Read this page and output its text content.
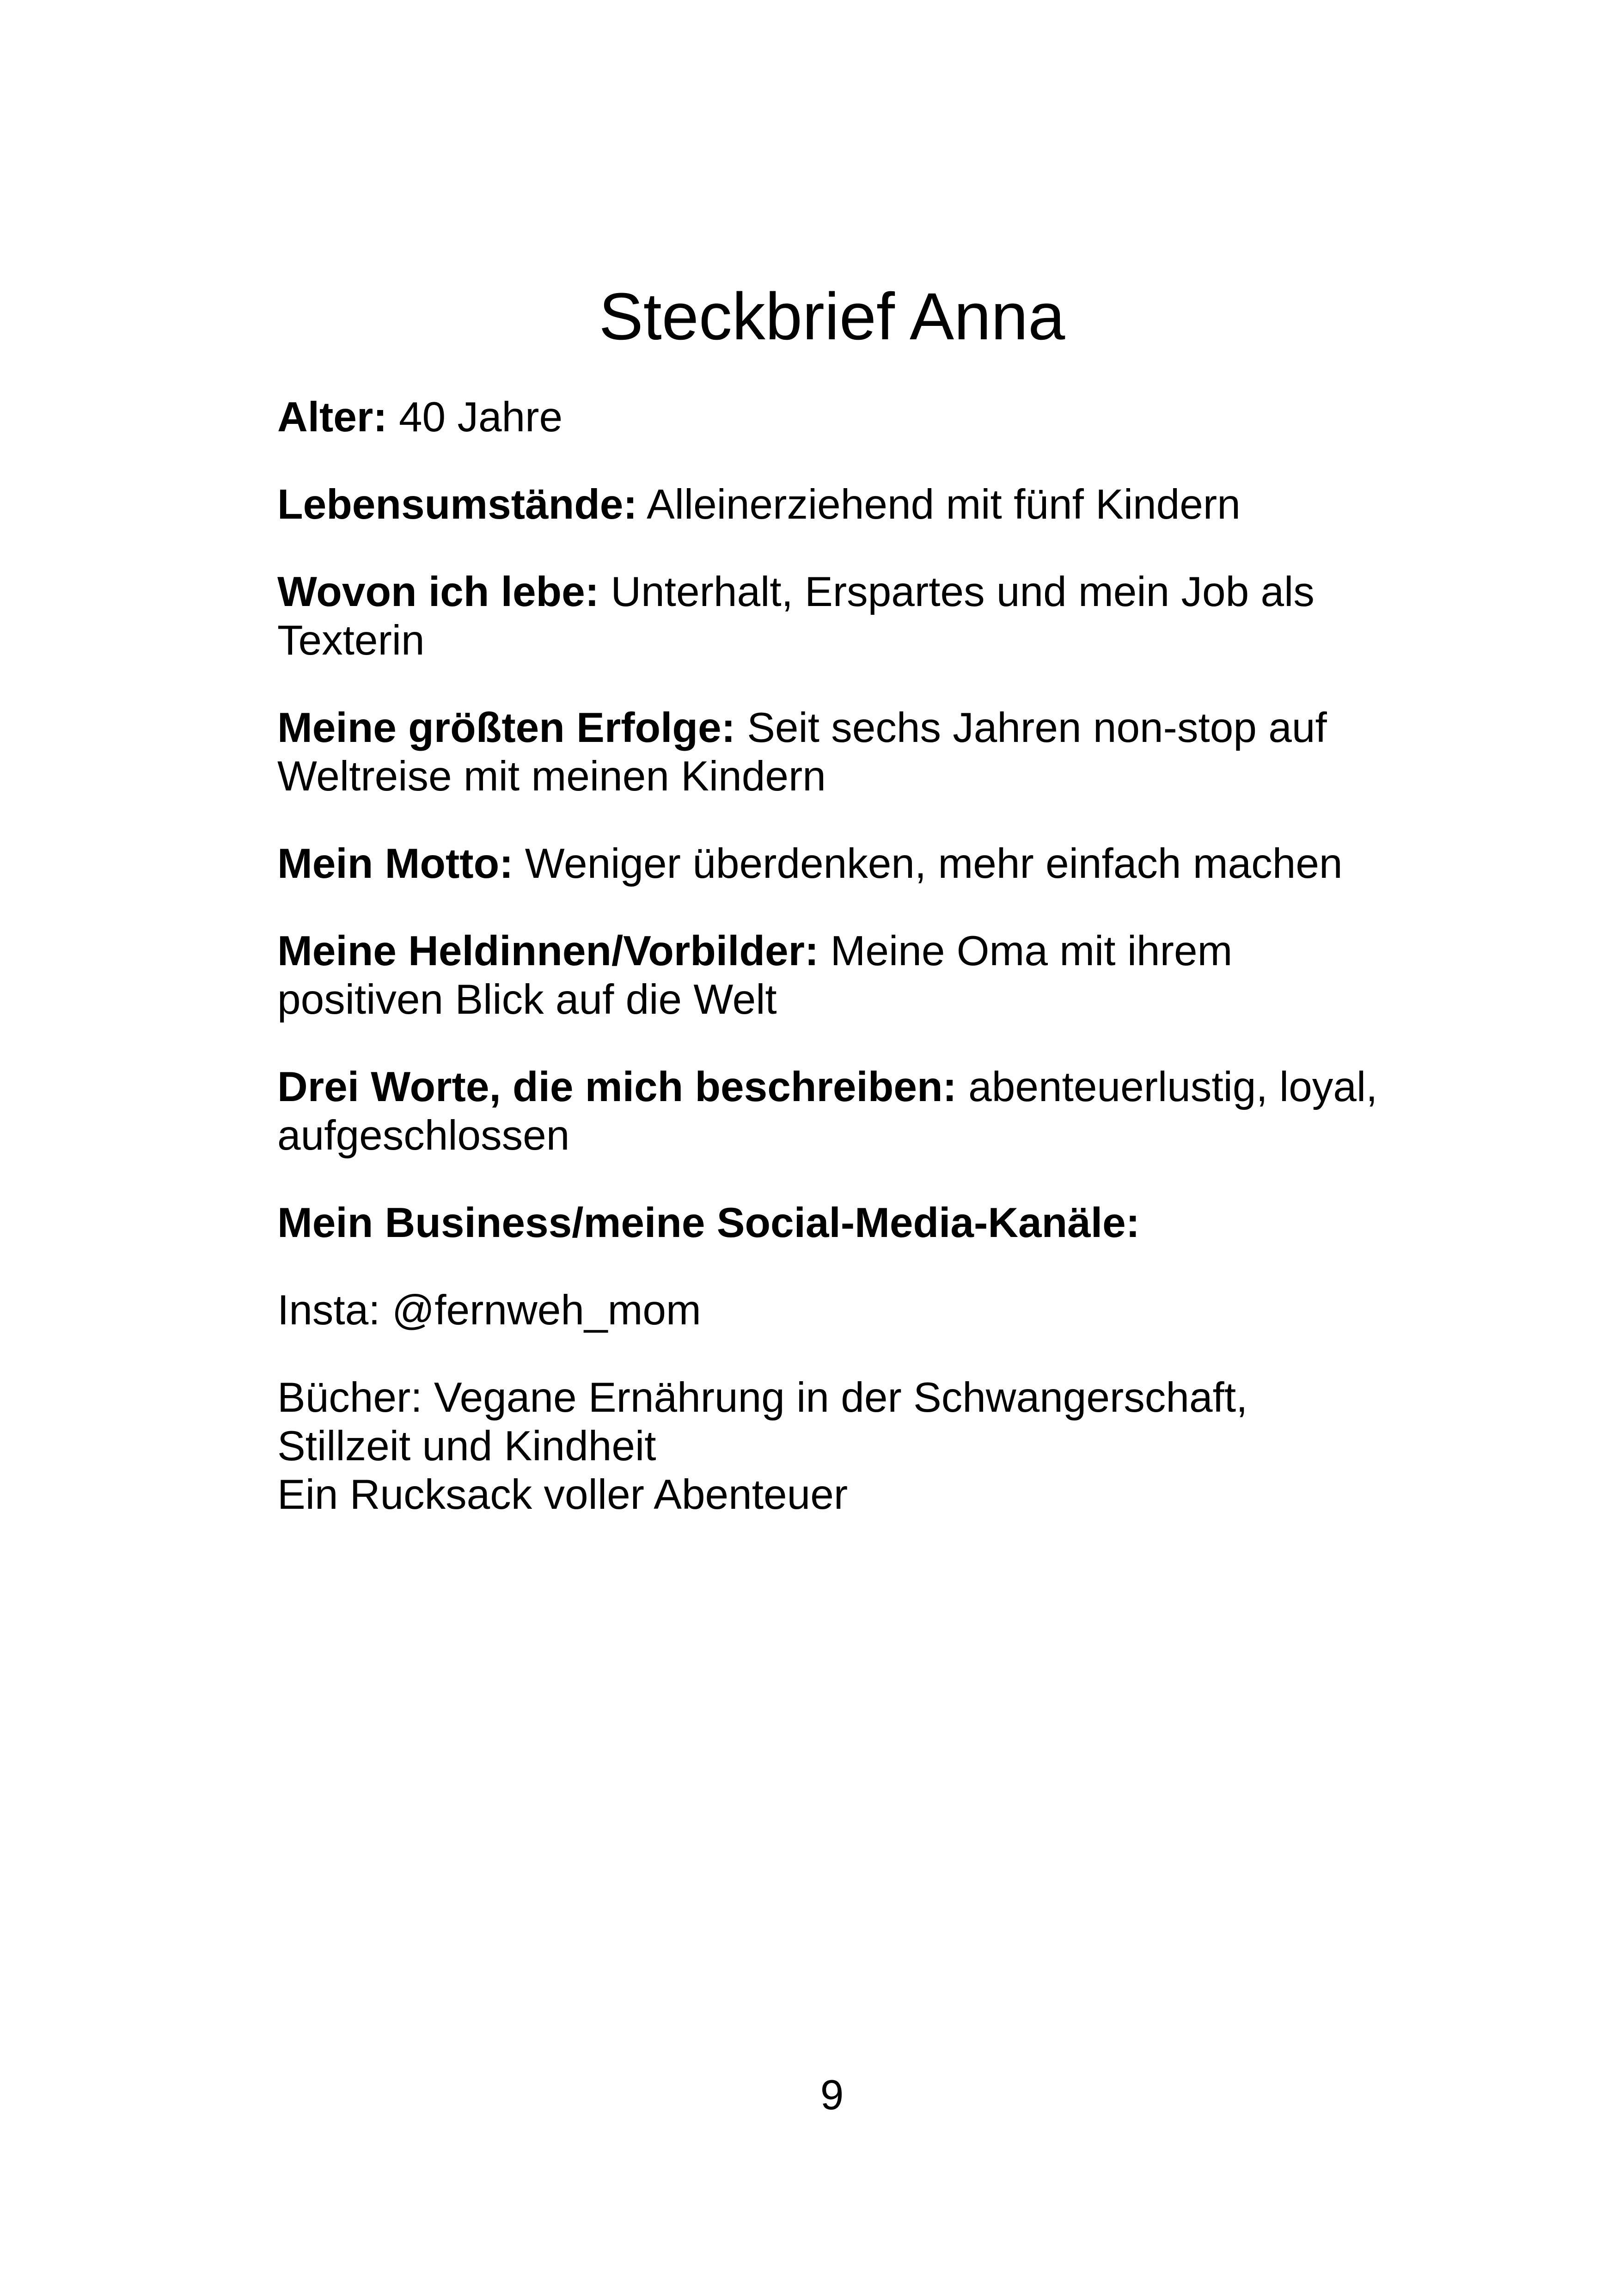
Steckbrief Anna

Alter: 40 Jahre

Lebensumstände: Alleinerziehend mit fünf Kindern

Wovon ich lebe: Unterhalt, Erspartes und mein Job als Texterin

Meine größten Erfolge: Seit sechs Jahren non-stop auf Weltreise mit meinen Kindern

Mein Motto: Weniger überdenken, mehr einfach machen

Meine Heldinnen/Vorbilder: Meine Oma mit ihrem positiven Blick auf die Welt

Drei Worte, die mich beschreiben: abenteuerlustig, loyal, aufgeschlossen

Mein Business/meine Social-Media-Kanäle:

Insta: @fernweh_mom

Bücher: Vegane Ernährung in der Schwangerschaft,
Stillzeit und Kindheit
Ein Rucksack voller Abenteuer

9
